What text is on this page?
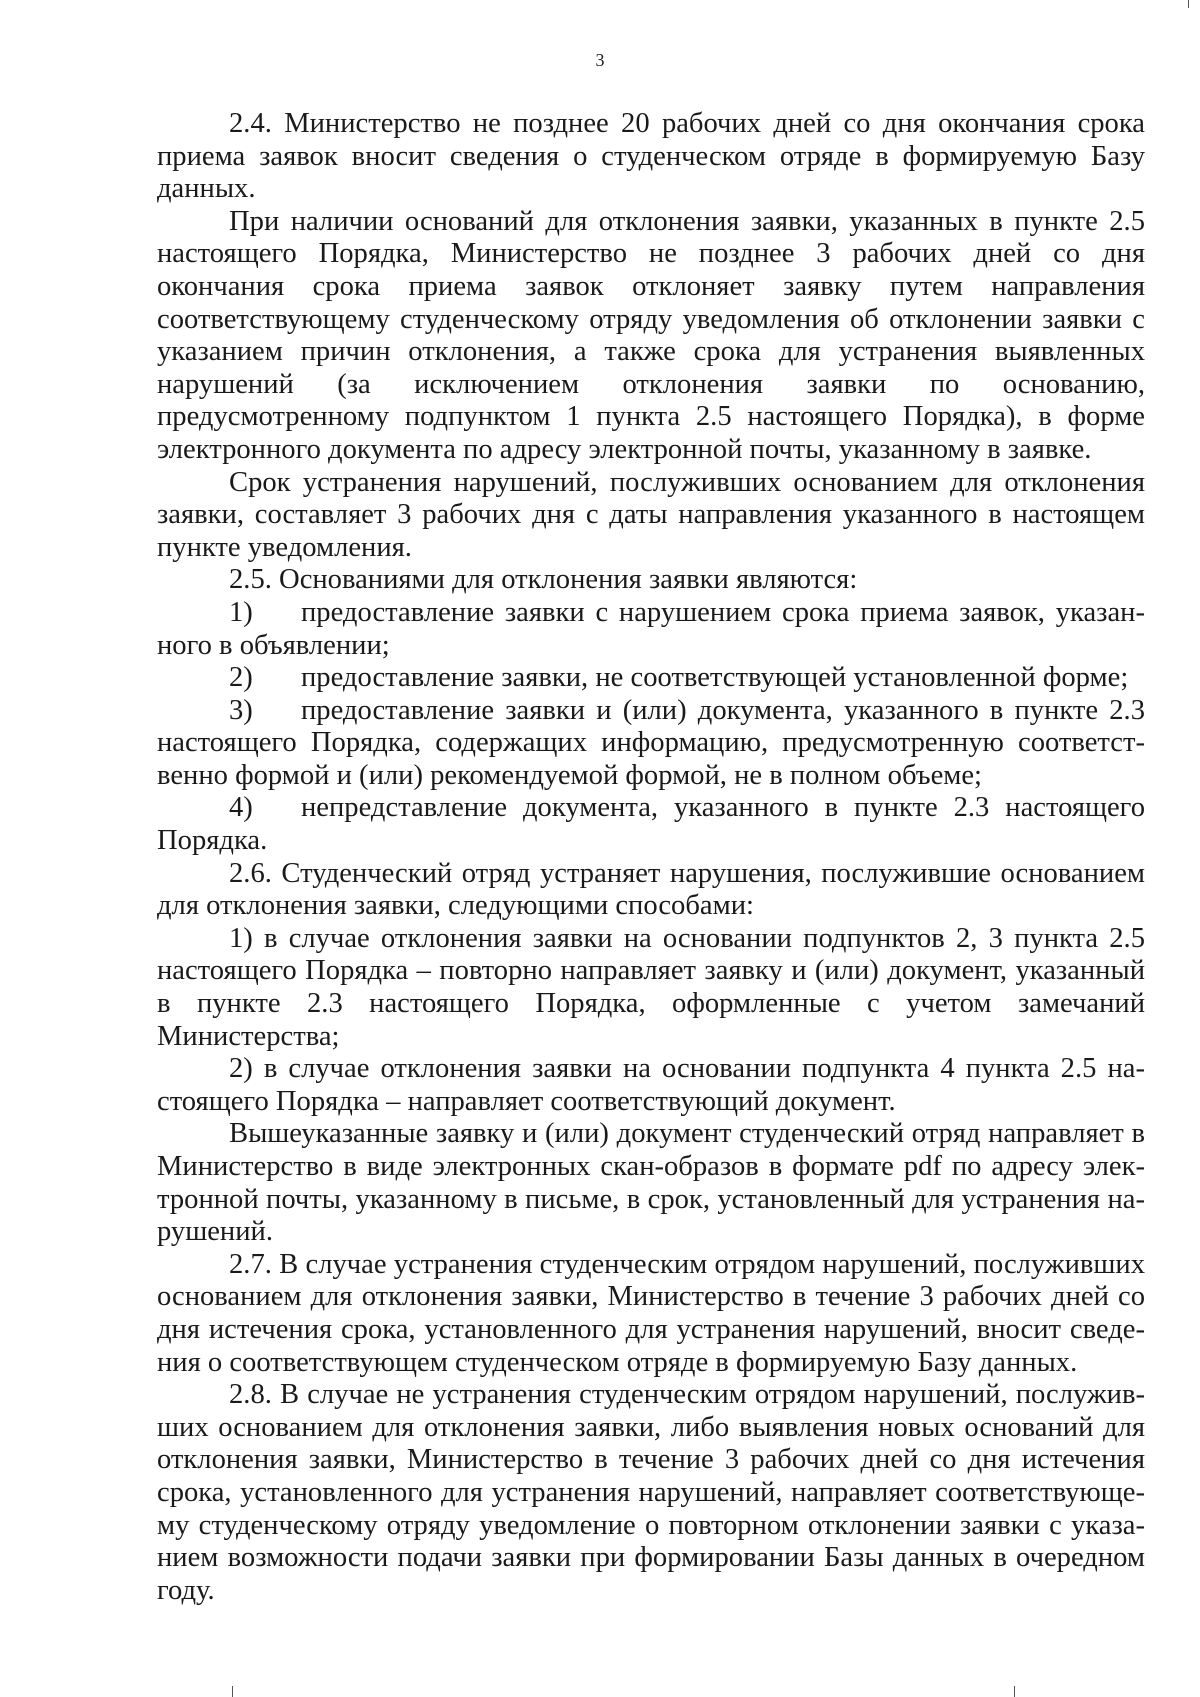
3

2.4. Министерство не позднее 20 рабочих дней со дня окончания срока приема заявок вносит сведения о студенческом отряде в формируемую Базу данных.

При наличии оснований для отклонения заявки, указанных в пункте 2.5 настоящего Порядка, Министерство не позднее 3 рабочих дней со дня окончания срока приема заявок отклоняет заявку путем направления соответствующему студенческому отряду уведомления об отклонении заявки с указанием причин отклонения, а также срока для устранения выявленных нарушений (за исключением отклонения заявки по основанию, предусмотренному подпунктом 1 пункта 2.5 настоящего Порядка), в форме электронного документа по адресу электронной почты, указанному в заявке.

Срок устранения нарушений, послуживших основанием для отклонения заявки, составляет 3 рабочих дня с даты направления указанного в настоящем пункте уведомления.

2.5. Основаниями для отклонения заявки являются:

1) предоставление заявки с нарушением срока приема заявок, указанного в объявлении;

2) предоставление заявки, не соответствующей установленной форме;

3) предоставление заявки и (или) документа, указанного в пункте 2.3 настоящего Порядка, содержащих информацию, предусмотренную соответственно формой и (или) рекомендуемой формой, не в полном объеме;

4) непредставление документа, указанного в пункте 2.3 настоящего Порядка.

2.6. Студенческий отряд устраняет нарушения, послужившие основанием для отклонения заявки, следующими способами:

1) в случае отклонения заявки на основании подпунктов 2, 3 пункта 2.5 настоящего Порядка – повторно направляет заявку и (или) документ, указанный в пункте 2.3 настоящего Порядка, оформленные с учетом замечаний Министерства;

2) в случае отклонения заявки на основании подпункта 4 пункта 2.5 настоящего Порядка – направляет соответствующий документ.

Вышеуказанные заявку и (или) документ студенческий отряд направляет в Министерство в виде электронных скан-образов в формате pdf по адресу электронной почты, указанному в письме, в срок, установленный для устранения нарушений.

2.7. В случае устранения студенческим отрядом нарушений, послуживших основанием для отклонения заявки, Министерство в течение 3 рабочих дней со дня истечения срока, установленного для устранения нарушений, вносит сведения о соответствующем студенческом отряде в формируемую Базу данных.

2.8. В случае не устранения студенческим отрядом нарушений, послуживших основанием для отклонения заявки, либо выявления новых оснований для отклонения заявки, Министерство в течение 3 рабочих дней со дня истечения срока, установленного для устранения нарушений, направляет соответствующему студенческому отряду уведомление о повторном отклонении заявки с указанием возможности подачи заявки при формировании Базы данных в очередном году.
